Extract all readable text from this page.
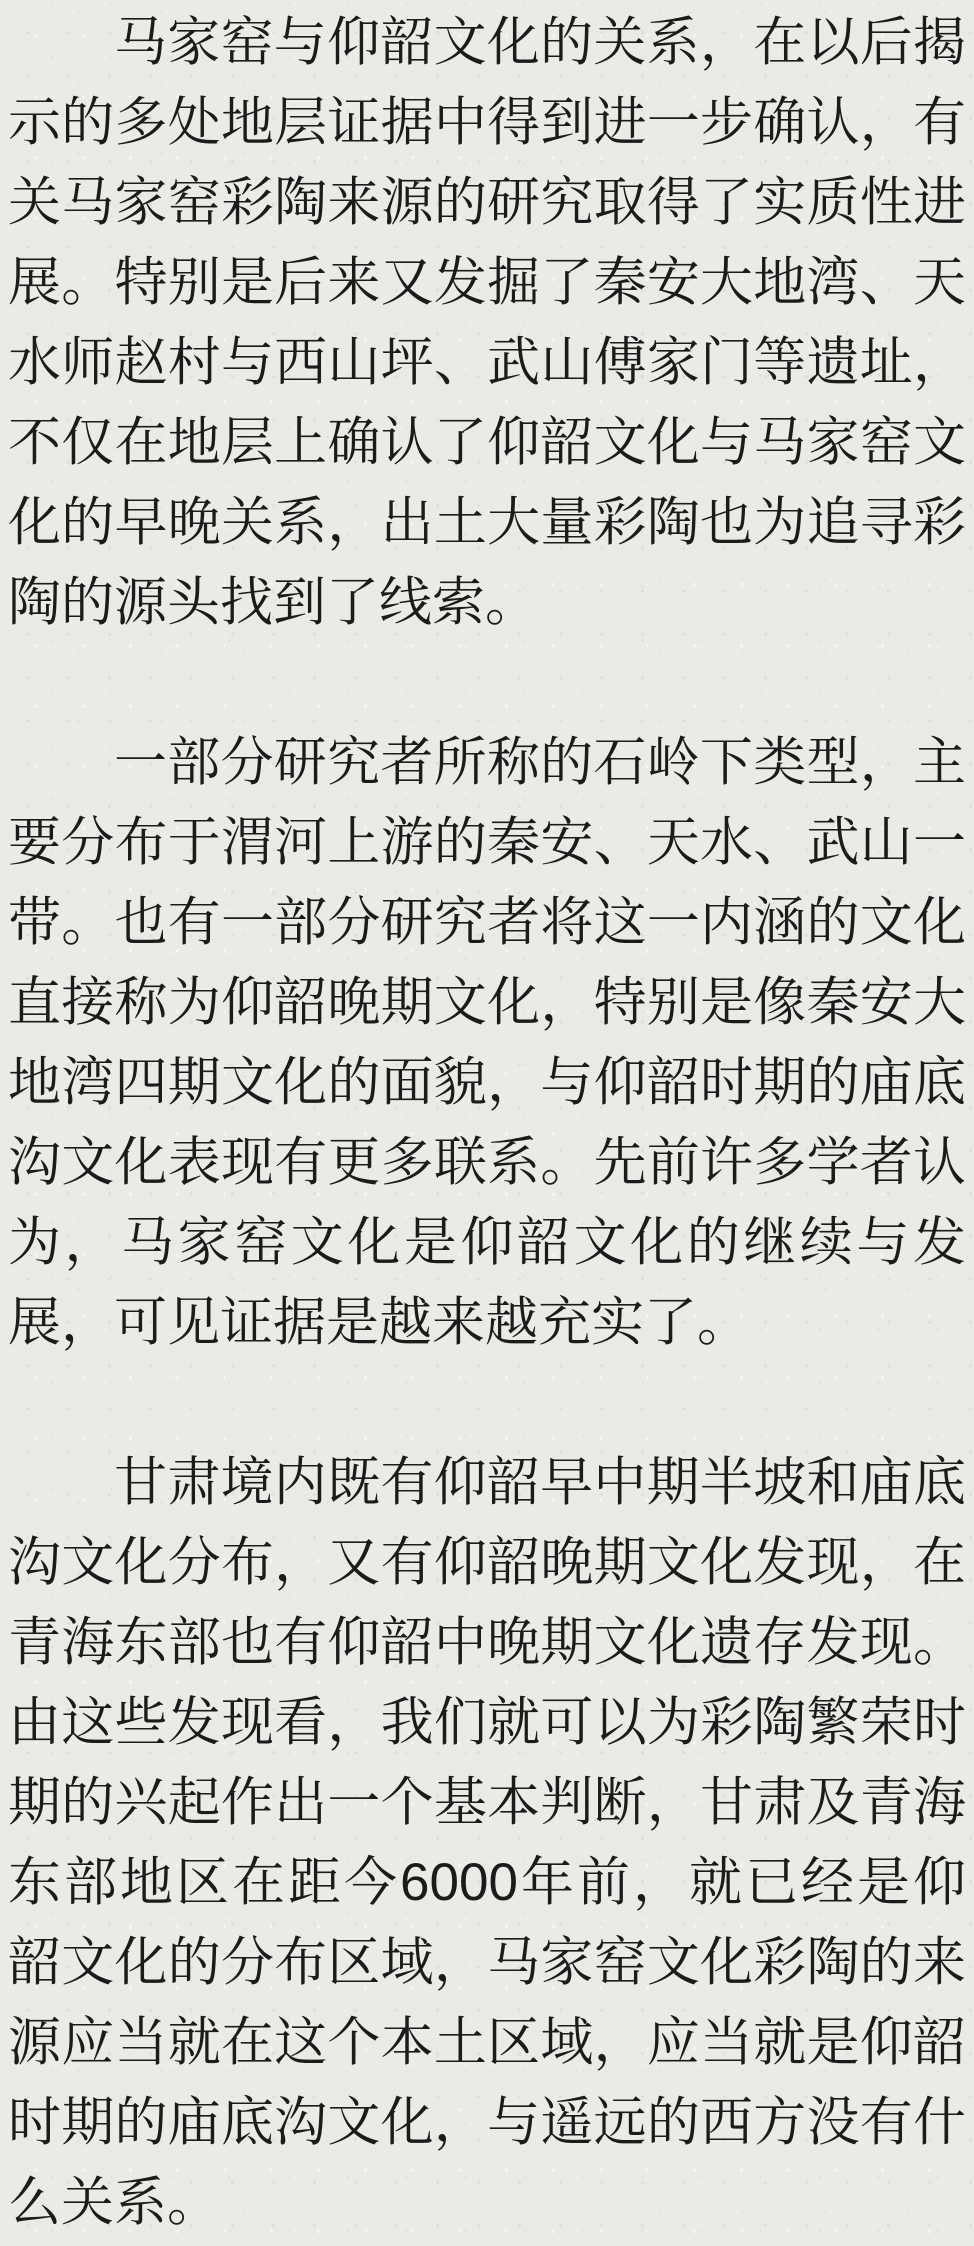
马家窑与仰韶文化的关系，在以后揭示的多处地层证据中得到进一步确认，有关马家窑彩陶来源的研究取得了实质性进展。特别是后来又发掘了秦安大地湾、天水师赵村与西山坪、武山傅家门等遗址，不仅在地层上确认了仰韶文化与马家窑文化的早晚关系，出土大量彩陶也为追寻彩陶的源头找到了线索。

一部分研究者所称的石岭下类型，主要分布于渭河上游的秦安、天水、武山一带。也有一部分研究者将这一内涵的文化直接称为仰韶晚期文化，特别是像秦安大地湾四期文化的面貌，与仰韶时期的庙底沟文化表现有更多联系。先前许多学者认为，马家窑文化是仰韶文化的继续与发展，可见证据是越来越充实了。

甘肃境内既有仰韶早中期半坡和庙底沟文化分布，又有仰韶晚期文化发现，在青海东部也有仰韶中晚期文化遗存发现。由这些发现看，我们就可以为彩陶繁荣时期的兴起作出一个基本判断，甘肃及青海东部地区在距今6000年前，就已经是仰韶文化的分布区域，马家窑文化彩陶的来源应当就在这个本土区域，应当就是仰韶时期的庙底沟文化，与遥远的西方没有什么关系。
